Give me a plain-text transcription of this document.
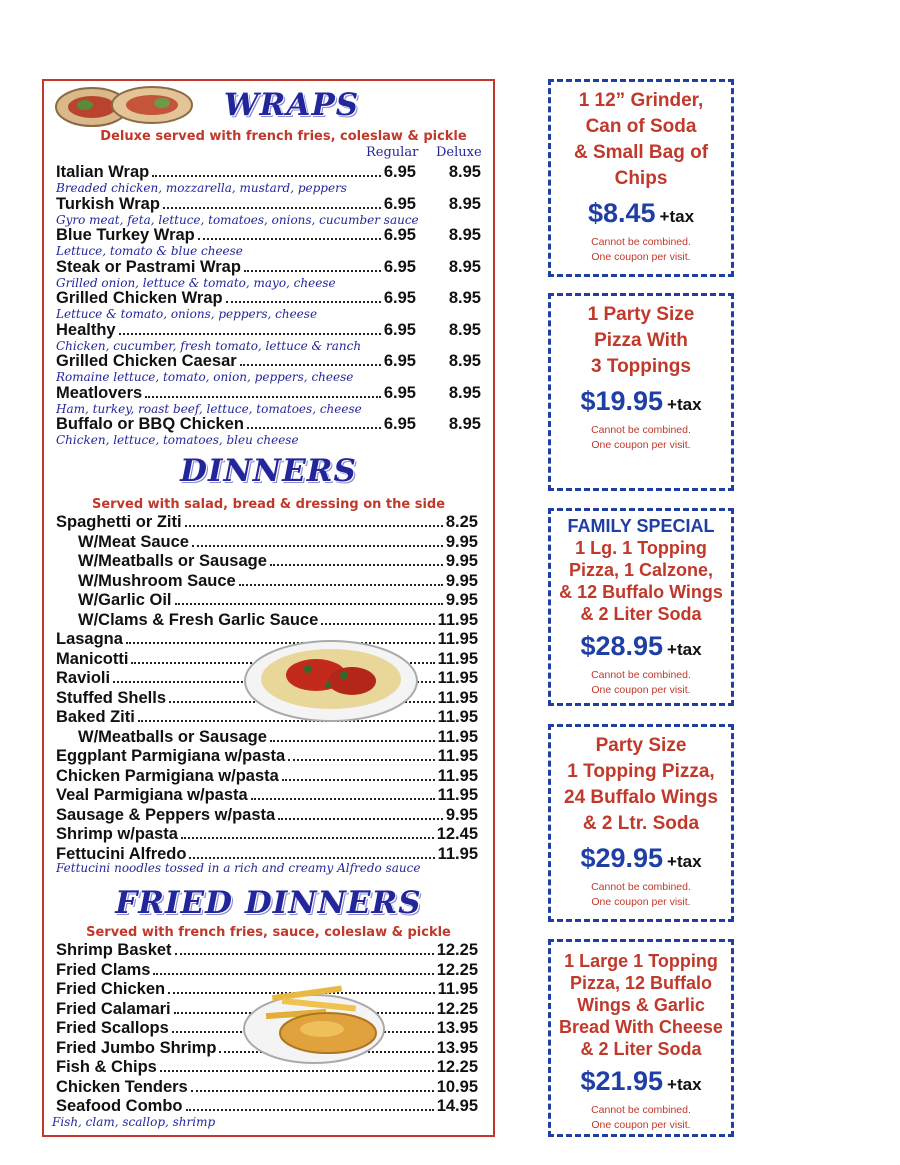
WRAPS
Deluxe served with french fries, coleslaw & pickle
Regular Deluxe
Italian Wrap	6.95 8.95
Breaded chicken, mozzarella, mustard, peppers
Turkish Wrap	6.95 8.95
Gyro meat, feta, lettuce, tomatoes, onions, cucumber sauce
Blue Turkey Wrap	6.95 8.95
Lettuce, tomato & blue cheese
Steak or Pastrami Wrap	6.95 8.95
Grilled onion, lettuce & tomato, mayo, cheese
Grilled Chicken Wrap	6.95 8.95
Lettuce & tomato, onions, peppers, cheese
Healthy	6.95 8.95
Chicken, cucumber, fresh tomato, lettuce & ranch
Grilled Chicken Caesar	6.95 8.95
Romaine lettuce, tomato, onion, peppers, cheese
Meatlovers	6.95 8.95
Ham, turkey, roast beef, lettuce, tomatoes, cheese
Buffalo or BBQ Chicken	6.95 8.95
Chicken, lettuce, tomatoes, bleu cheese
DINNERS
Served with salad, bread & dressing on the side
Spaghetti or Ziti	8.25
W/Meat Sauce	9.95
W/Meatballs or Sausage	9.95
W/Mushroom Sauce	9.95
W/Garlic Oil	9.95
W/Clams & Fresh Garlic Sauce	11.95
Lasagna	11.95
Manicotti	11.95
Ravioli	11.95
Stuffed Shells	11.95
Baked Ziti	11.95
W/Meatballs or Sausage	11.95
Eggplant Parmigiana w/pasta	11.95
Chicken Parmigiana w/pasta	11.95
Veal Parmigiana w/pasta	11.95
Sausage & Peppers w/pasta	9.95
Shrimp w/pasta	12.45
Fettucini Alfredo	11.95
Fettucini noodles tossed in a rich and creamy Alfredo sauce
FRIED DINNERS
Served with french fries, sauce, coleslaw & pickle
Shrimp Basket	12.25
Fried Clams	12.25
Fried Chicken	11.95
Fried Calamari	12.25
Fried Scallops	13.95
Fried Jumbo Shrimp	13.95
Fish & Chips	12.25
Chicken Tenders	10.95
Seafood Combo	14.95
Fish, clam, scallop, shrimp
1 12” Grinder,
Can of Soda
& Small Bag of
Chips
$8.45 +tax
Cannot be combined.
One coupon per visit.
1 Party Size
Pizza With
3 Toppings
$19.95 +tax
Cannot be combined.
One coupon per visit.
FAMILY SPECIAL
1 Lg. 1 Topping
Pizza, 1 Calzone,
& 12 Buffalo Wings
& 2 Liter Soda
$28.95 +tax
Cannot be combined.
One coupon per visit.
Party Size
1 Topping Pizza,
24 Buffalo Wings
& 2 Ltr. Soda
$29.95 +tax
Cannot be combined.
One coupon per visit.
1 Large 1 Topping
Pizza, 12 Buffalo
Wings & Garlic
Bread With Cheese
& 2 Liter Soda
$21.95 +tax
Cannot be combined.
One coupon per visit.
